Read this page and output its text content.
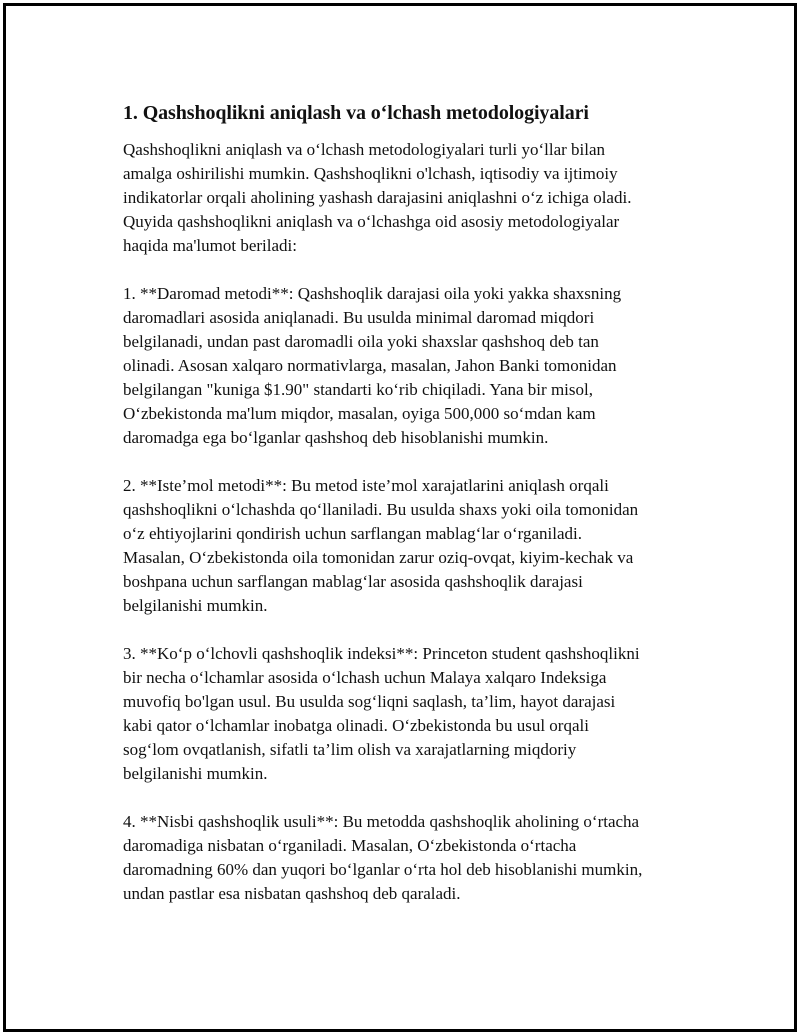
1. Qashshoqlikni aniqlash va o‘lchash metodologiyalari

Qashshoqlikni aniqlash va o‘lchash metodologiyalari turli yo‘llar bilan
amalga oshirilishi mumkin. Qashshoqlikni o'lchash, iqtisodiy va ijtimoiy
indikatorlar orqali aholining yashash darajasini aniqlashni o‘z ichiga oladi.
Quyida qashshoqlikni aniqlash va o‘lchashga oid asosiy metodologiyalar
haqida ma'lumot beriladi:

1. **Daromad metodi**: Qashshoqlik darajasi oila yoki yakka shaxsning
daromadlari asosida aniqlanadi. Bu usulda minimal daromad miqdori
belgilanadi, undan past daromadli oila yoki shaxslar qashshoq deb tan
olinadi. Asosan xalqaro normativlarga, masalan, Jahon Banki tomonidan
belgilangan "kuniga $1.90" standarti ko‘rib chiqiladi. Yana bir misol,
O‘zbekistonda ma'lum miqdor, masalan, oyiga 500,000 so‘mdan kam
daromadga ega bo‘lganlar qashshoq deb hisoblanishi mumkin.

2. **Iste’mol metodi**: Bu metod iste’mol xarajatlarini aniqlash orqali
qashshoqlikni o‘lchashda qo‘llaniladi. Bu usulda shaxs yoki oila tomonidan
o‘z ehtiyojlarini qondirish uchun sarflangan mablag‘lar o‘rganiladi.
Masalan, O‘zbekistonda oila tomonidan zarur oziq-ovqat, kiyim-kechak va
boshpana uchun sarflangan mablag‘lar asosida qashshoqlik darajasi
belgilanishi mumkin.

3. **Ko‘p o‘lchovli qashshoqlik indeksi**: Princeton student qashshoqlikni
bir necha o‘lchamlar asosida o‘lchash uchun Malaya xalqaro Indeksiga
muvofiq bo'lgan usul. Bu usulda sog‘liqni saqlash, ta’lim, hayot darajasi
kabi qator o‘lchamlar inobatga olinadi. O‘zbekistonda bu usul orqali
sog‘lom ovqatlanish, sifatli ta’lim olish va xarajatlarning miqdoriy
belgilanishi mumkin.

4. **Nisbi qashshoqlik usuli**: Bu metodda qashshoqlik aholining o‘rtacha
daromadiga nisbatan o‘rganiladi. Masalan, O‘zbekistonda o‘rtacha
daromadning 60% dan yuqori bo‘lganlar o‘rta hol deb hisoblanishi mumkin,
undan pastlar esa nisbatan qashshoq deb qaraladi.
